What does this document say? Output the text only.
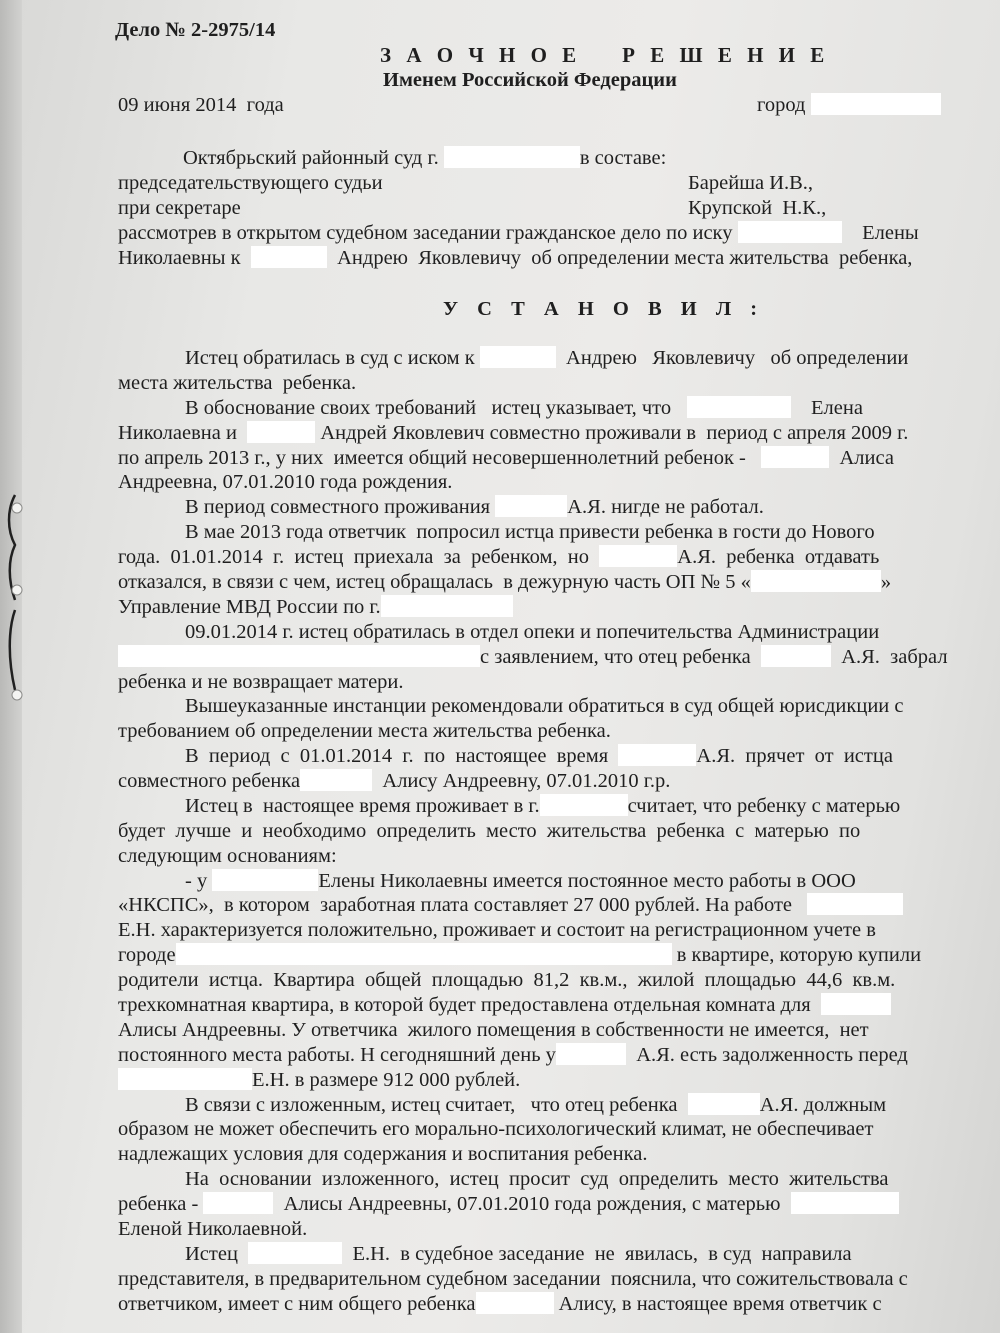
Дело № 2-2975/14
З А О Ч Н О Е    Р Е Ш Е Н И Е
Именем Российской Федерации
09 июня 2014  года	город
Октябрьский районный суд г.	в составе:
председательствующего судьи	Барейша И.В.,
при секретаре	Крупской  Н.К.,
рассмотрев в открытом судебном заседании гражданское дело по иску	Елены
Николаевны к	Андрею  Яковлевичу  об определении места жительства  ребенка,
У С Т А Н О В И Л :
Истец обратилась в суд с иском к	Андрею   Яковлевичу   об определении
места жительства  ребенка.
В обоснование своих требований   истец указывает, что	Елена
Николаевна и	Андрей Яковлевич совместно проживали в  период с апреля 2009 г.
по апрель 2013 г., у них  имеется общий несовершеннолетний ребенок -	Алиса
Андреевна, 07.01.2010 года рождения.
В период совместного проживания	А.Я. нигде не работал.
В мае 2013 года ответчик  попросил истца привести ребенка в гости до Нового
года.  01.01.2014  г.  истец  приехала  за  ребенком,  но	А.Я.  ребенка  отдавать
отказался, в связи с чем, истец обращалась  в дежурную часть ОП № 5 «	»
Управление МВД России по г.
09.01.2014 г. истец обратилась в отдел опеки и попечительства Администрации
с заявлением, что отец ребенка	А.Я.  забрал
ребенка и не возвращает матери.
Вышеуказанные инстанции рекомендовали обратиться в суд общей юрисдикции с
требованием об определении места жительства ребенка.
В  период  с  01.01.2014  г.  по  настоящее  время	А.Я.  прячет  от  истца
совместного ребенка	Алису Андреевну, 07.01.2010 г.р.
Истец в  настоящее время проживает в г.	считает, что ребенку с матерью
будет  лучше  и  необходимо  определить  место  жительства  ребенка  с  матерью  по
следующим основаниям:
- у	Елены Николаевны имеется постоянное место работы в ООО
«НКСПС»,  в котором  заработная плата составляет 27 000 рублей. На работе
Е.Н. характеризуется положительно, проживает и состоит на регистрационном учете в
городе	в квартире, которую купили
родители  истца.  Квартира  общей  площадью  81,2  кв.м.,  жилой  площадью  44,6  кв.м.
трехкомнатная квартира, в которой будет предоставлена отдельная комната для
Алисы Андреевны. У ответчика  жилого помещения в собственности не имеется,  нет
постоянного места работы. Н сегодняшний день у	А.Я. есть задолженность перед
Е.Н. в размере 912 000 рублей.
В связи с изложенным, истец считает,   что отец ребенка	А.Я. должным
образом не может обеспечить его морально-психологический климат, не обеспечивает
надлежащих условия для содержания и воспитания ребенка.
На  основании  изложенного,  истец  просит  суд  определить  место  жительства
ребенка -	Алисы Андреевны, 07.01.2010 года рождения, с матерью
Еленой Николаевной.
Истец	Е.Н.  в судебное заседание  не  явилась,  в суд  направила
представителя, в предварительном судебном заседании  пояснила, что сожительствовала с
ответчиком, имеет с ним общего ребенка	Алису, в настоящее время ответчик с
